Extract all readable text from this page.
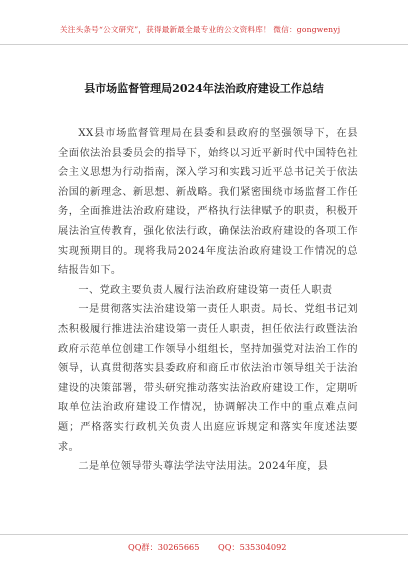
关注头条号“公文研究”，获得最新最全最专业的公文资料库！ 微信：gongwenyj
县市场监督管理局2024年法治政府建设工作总结

XX县市场监督管理局在县委和县政府的坚强领导下，在县全面依法治县委员会的指导下，始终以习近平新时代中国特色社会主义思想为行动指南，深入学习和实践习近平总书记关于依法治国的新理念、新思想、新战略。我们紧密围绕市场监督工作任务，全面推进法治政府建设，严格执行法律赋予的职责，积极开展法治宣传教育，强化依法行政，确保法治政府建设的各项工作实现预期目的。现将我局2024年度法治政府建设工作情况的总结报告如下。

一、党政主要负责人履行法治政府建设第一责任人职责

一是贯彻落实法治建设第一责任人职责。局长、党组书记刘杰积极履行推进法治建设第一责任人职责，担任依法行政暨法治政府示范单位创建工作领导小组组长，坚持加强党对法治工作的领导，认真贯彻落实县委政府和商丘市依法治市领导组关于法治建设的决策部署，带头研究推动落实法治政府建设工作，定期听取单位法治政府建设工作情况，协调解决工作中的重点难点问题；严格落实行政机关负责人出庭应诉规定和落实年度述法要求。

二是单位领导带头尊法学法守法用法。2024年度，县

QQ群：30265665 QQ：535304092
